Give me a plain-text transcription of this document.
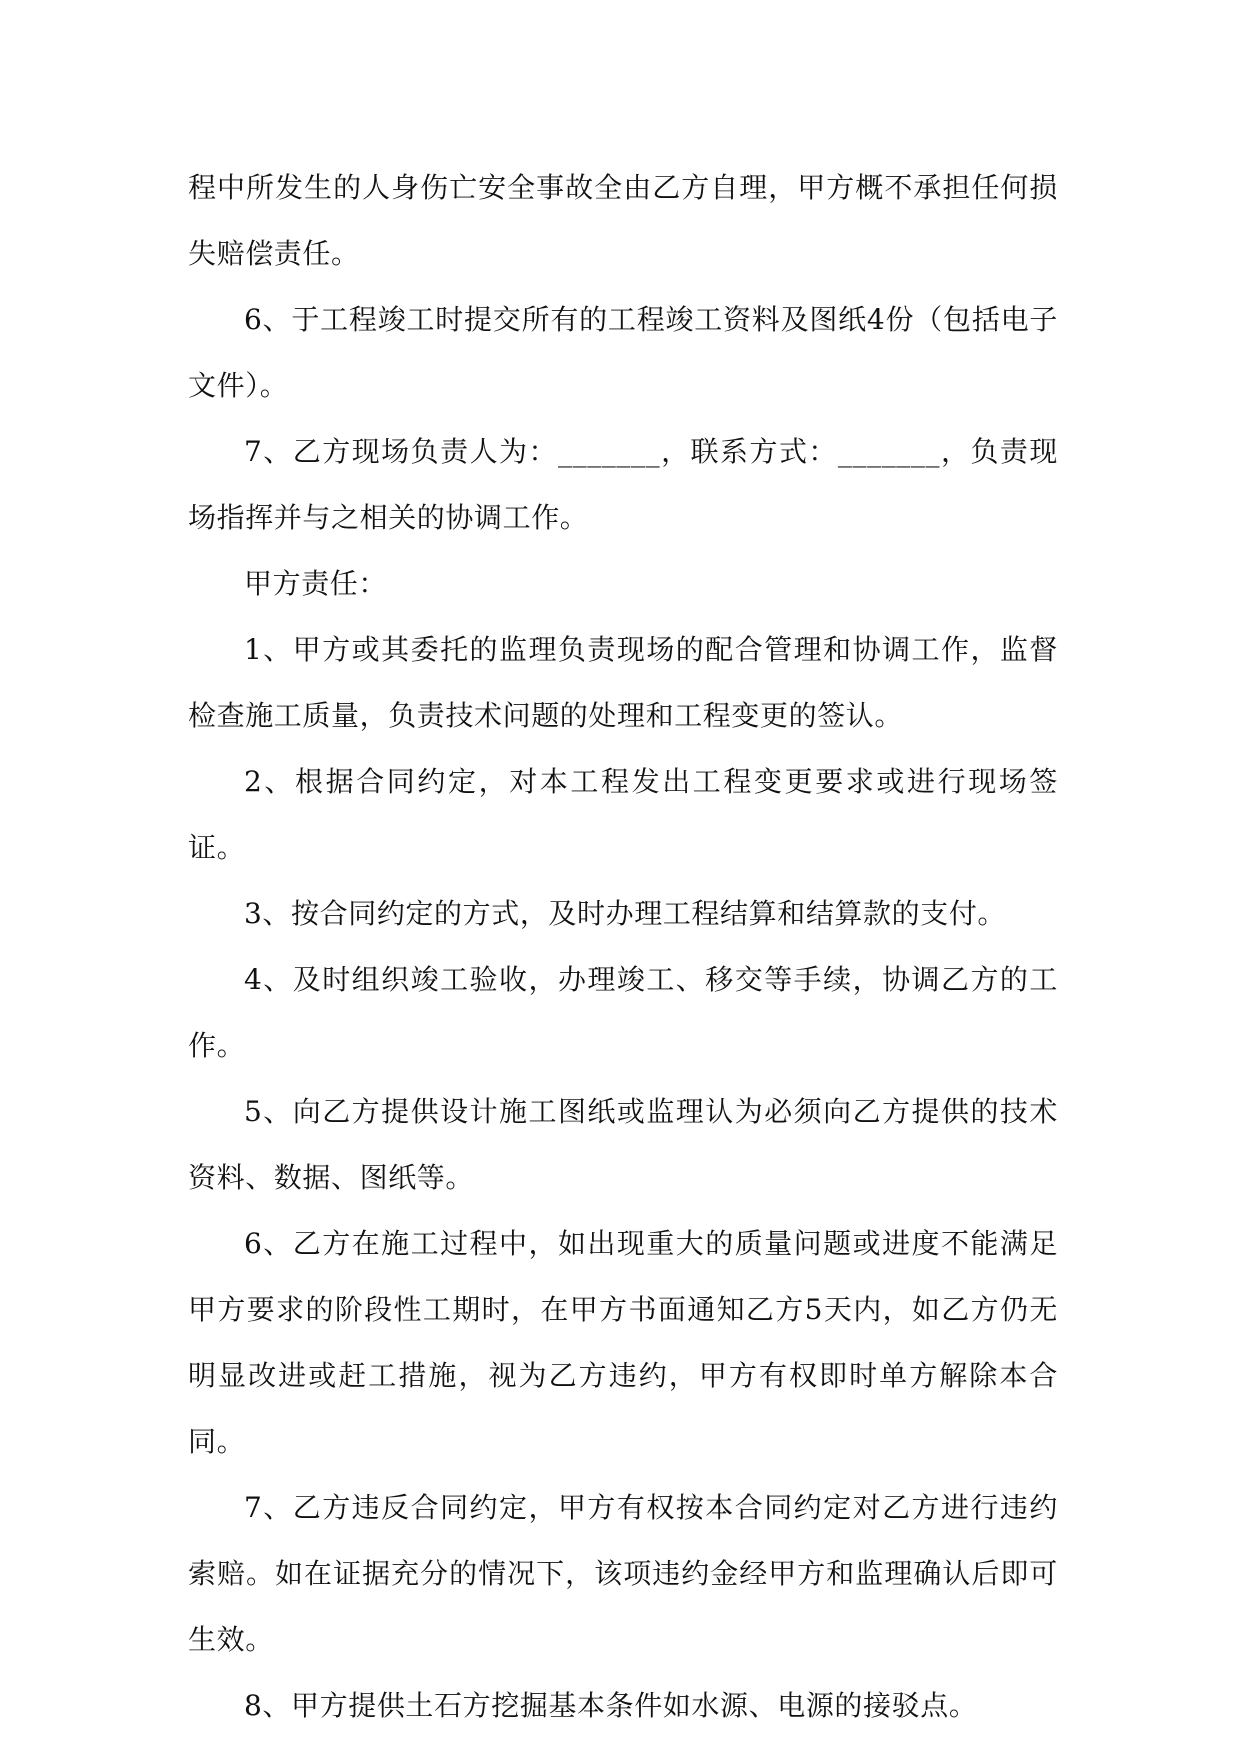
程中所发生的人身伤亡安全事故全由乙方自理，甲方概不承担任何损失赔偿责任。

6、于工程竣工时提交所有的工程竣工资料及图纸4份（包括电子文件）。

7、乙方现场负责人为：_______，联系方式：_______，负责现场指挥并与之相关的协调工作。

甲方责任：

1、甲方或其委托的监理负责现场的配合管理和协调工作，监督检查施工质量，负责技术问题的处理和工程变更的签认。

2、根据合同约定，对本工程发出工程变更要求或进行现场签证。

3、按合同约定的方式，及时办理工程结算和结算款的支付。

4、及时组织竣工验收，办理竣工、移交等手续，协调乙方的工作。

5、向乙方提供设计施工图纸或监理认为必须向乙方提供的技术资料、数据、图纸等。

6、乙方在施工过程中，如出现重大的质量问题或进度不能满足甲方要求的阶段性工期时，在甲方书面通知乙方5天内，如乙方仍无明显改进或赶工措施，视为乙方违约，甲方有权即时单方解除本合同。

7、乙方违反合同约定，甲方有权按本合同约定对乙方进行违约索赔。如在证据充分的情况下，该项违约金经甲方和监理确认后即可生效。

8、甲方提供土石方挖掘基本条件如水源、电源的接驳点。
